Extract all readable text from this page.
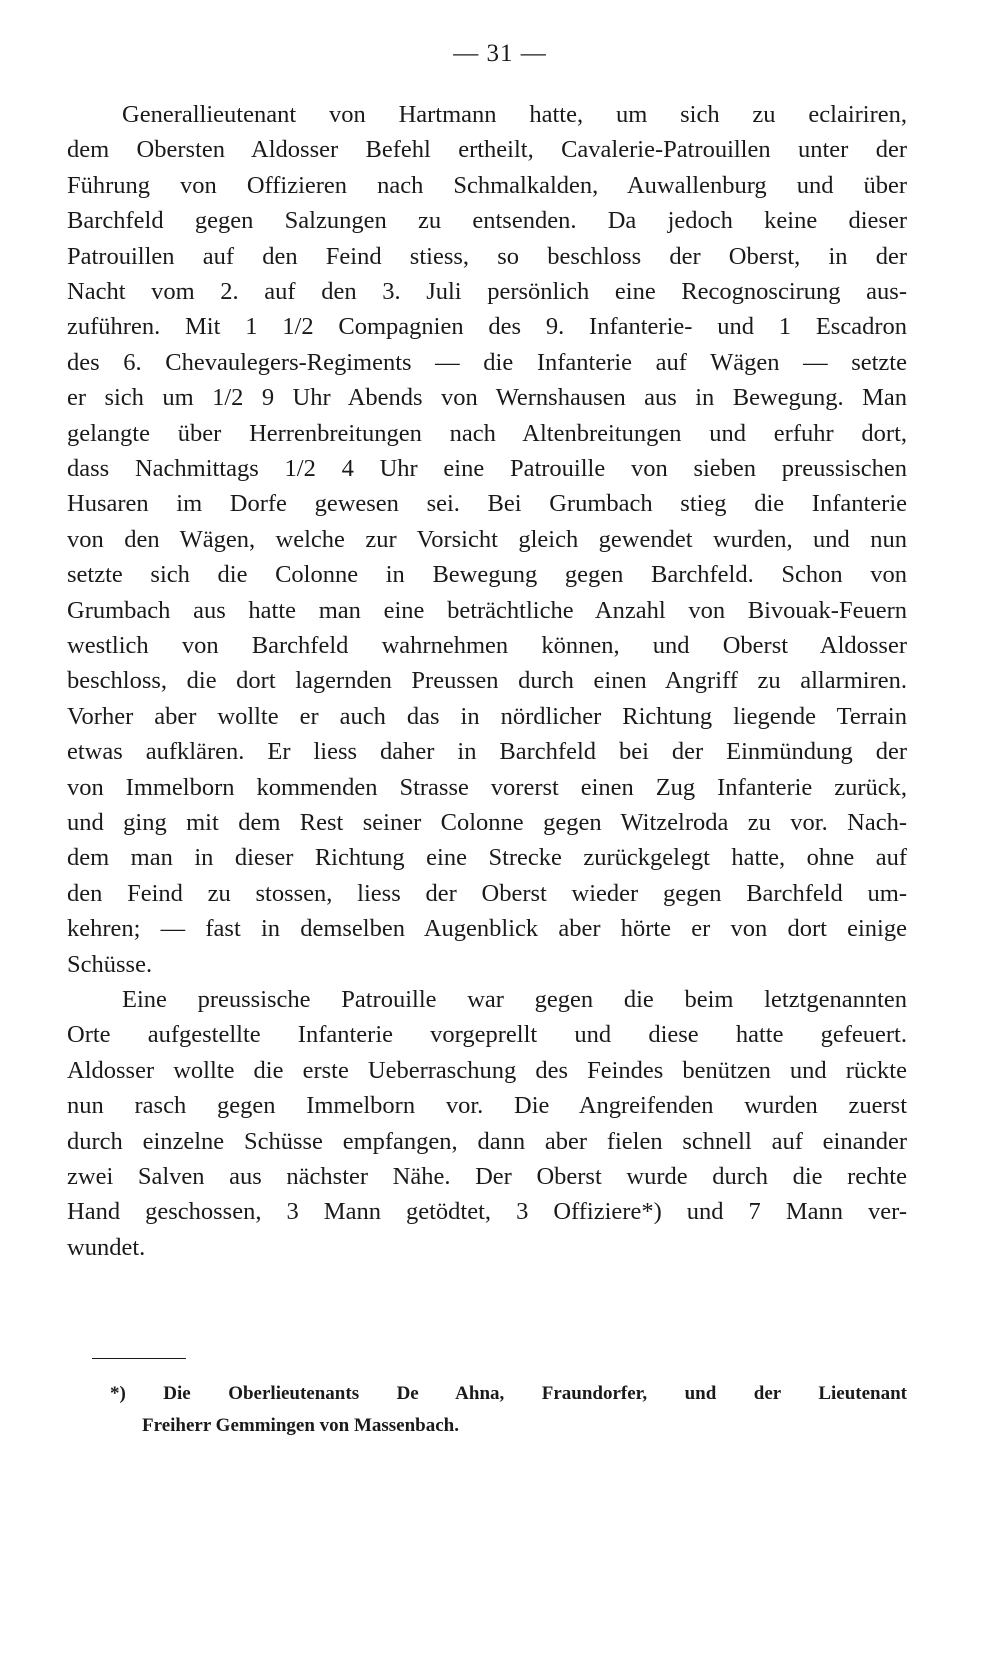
— 31 —
Generallieutenant von Hartmann hatte, um sich zu eclairiren,
dem Obersten Aldosser Befehl ertheilt, Cavalerie-Patrouillen unter der
Führung von Offizieren nach Schmalkalden, Auwallenburg und über
Barchfeld gegen Salzungen zu entsenden. Da jedoch keine dieser
Patrouillen auf den Feind stiess, so beschloss der Oberst, in der
Nacht vom 2. auf den 3. Juli persönlich eine Recognoscirung aus-
zuführen. Mit 1 1/2 Compagnien des 9. Infanterie- und 1 Escadron
des 6. Chevaulegers-Regiments — die Infanterie auf Wägen — setzte
er sich um 1/2 9 Uhr Abends von Wernshausen aus in Bewegung. Man
gelangte über Herrenbreitungen nach Altenbreitungen und erfuhr dort,
dass Nachmittags 1/2 4 Uhr eine Patrouille von sieben preussischen
Husaren im Dorfe gewesen sei. Bei Grumbach stieg die Infanterie
von den Wägen, welche zur Vorsicht gleich gewendet wurden, und nun
setzte sich die Colonne in Bewegung gegen Barchfeld. Schon von
Grumbach aus hatte man eine beträchtliche Anzahl von Bivouak-Feuern
westlich von Barchfeld wahrnehmen können, und Oberst Aldosser
beschloss, die dort lagernden Preussen durch einen Angriff zu allarmiren.
Vorher aber wollte er auch das in nördlicher Richtung liegende Terrain
etwas aufklären. Er liess daher in Barchfeld bei der Einmündung der
von Immelborn kommenden Strasse vorerst einen Zug Infanterie zurück,
und ging mit dem Rest seiner Colonne gegen Witzelroda zu vor. Nach-
dem man in dieser Richtung eine Strecke zurückgelegt hatte, ohne auf
den Feind zu stossen, liess der Oberst wieder gegen Barchfeld um-
kehren; — fast in demselben Augenblick aber hörte er von dort einige
Schüsse.
Eine preussische Patrouille war gegen die beim letztgenannten
Orte aufgestellte Infanterie vorgeprellt und diese hatte gefeuert.
Aldosser wollte die erste Ueberraschung des Feindes benützen und rückte
nun rasch gegen Immelborn vor. Die Angreifenden wurden zuerst
durch einzelne Schüsse empfangen, dann aber fielen schnell auf einander
zwei Salven aus nächster Nähe. Der Oberst wurde durch die rechte
Hand geschossen, 3 Mann getödtet, 3 Offiziere*) und 7 Mann ver-
wundet.
*) Die Oberlieutenants De Ahna, Fraundorfer, und der Lieutenant
Freiherr Gemmingen von Massenbach.
